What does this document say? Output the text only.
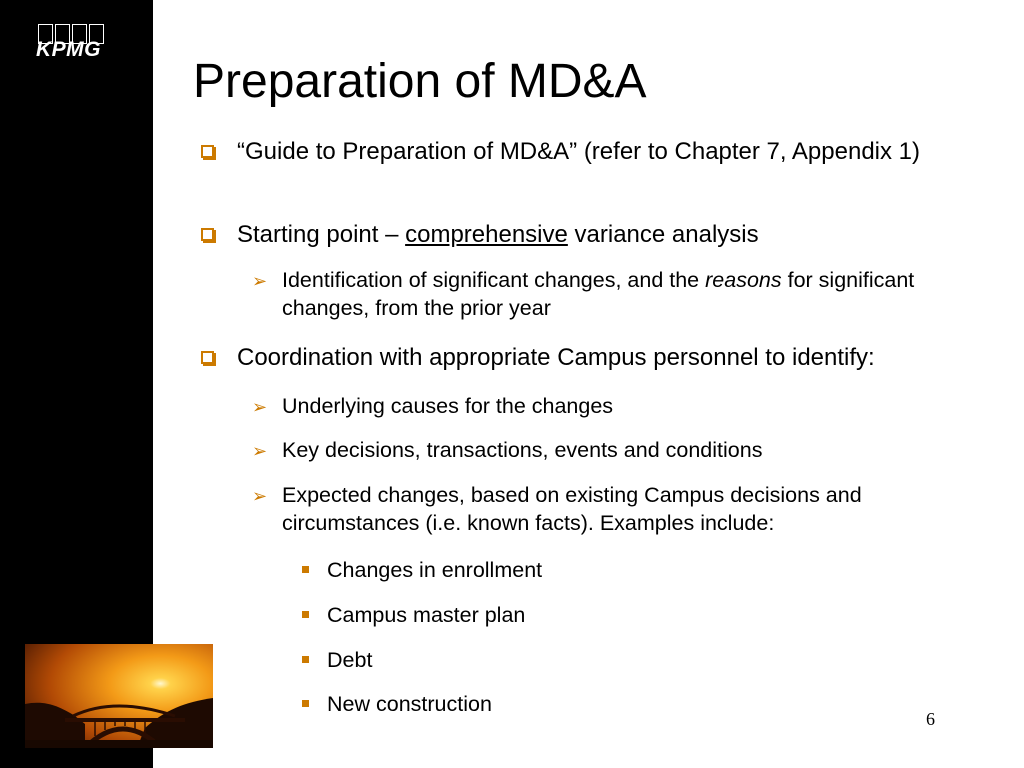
KPMG
Preparation of MD&A
“Guide to Preparation of MD&A” (refer to Chapter 7, Appendix 1)
Starting point – comprehensive variance analysis
➢ Identification of significant changes, and the reasons for significant changes, from the prior year
Coordination with appropriate Campus personnel to identify:
➢ Underlying causes for the changes
➢ Key decisions, transactions, events and conditions
➢ Expected changes, based on existing Campus decisions and circumstances (i.e. known facts). Examples include:
Changes in enrollment
Campus master plan
Debt
New construction
6
